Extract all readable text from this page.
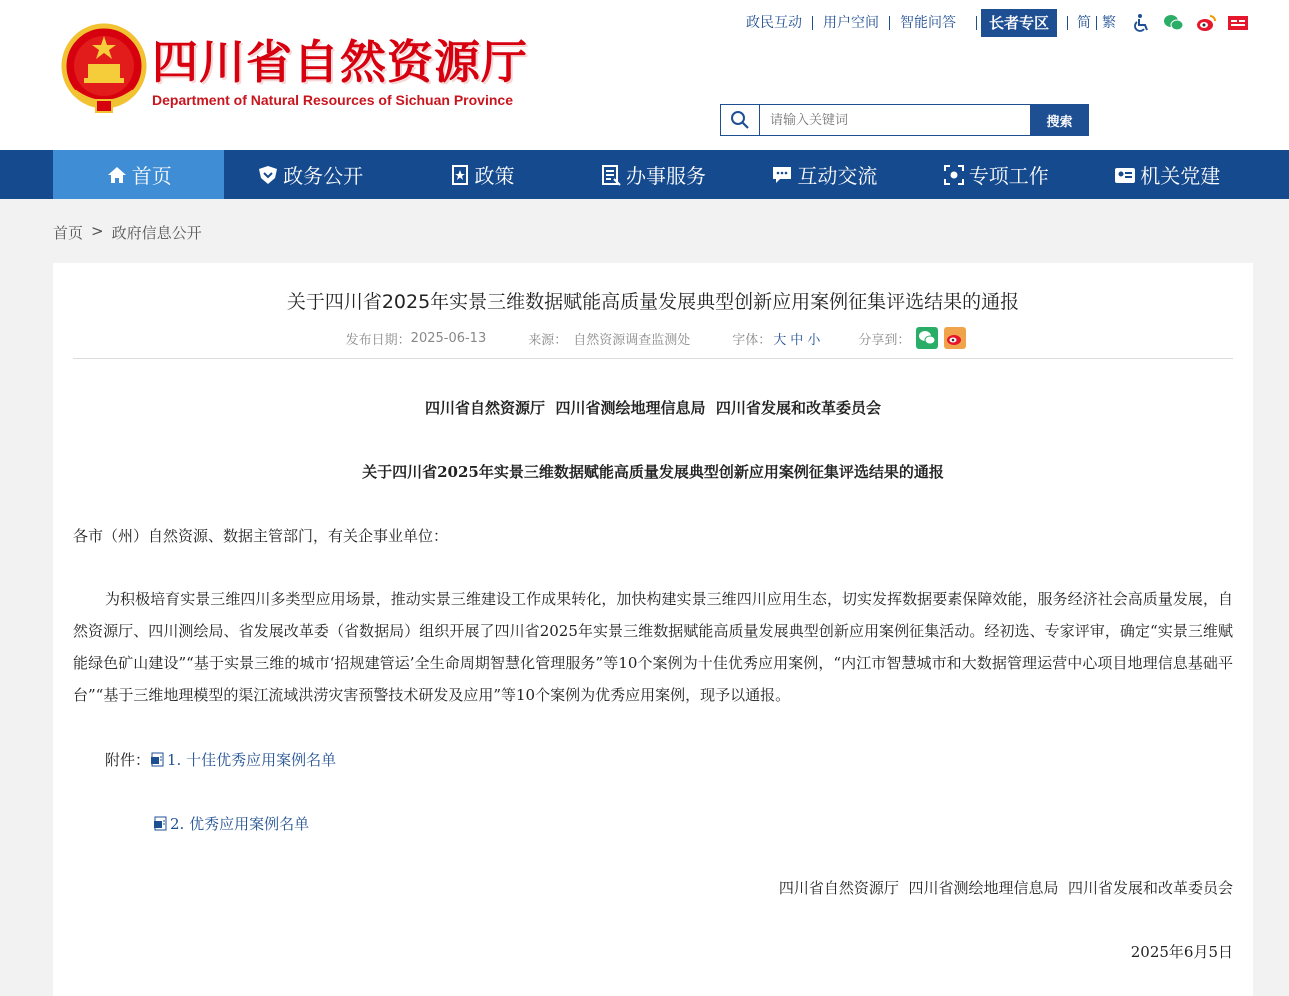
四川省自然资源厅
Department of Natural Resources of Sichuan Province
政民互动	用户空间	智能问答	长者专区	简 繁
请输入关键词
搜索
首页	政务公开	政策	办事服务	互动交流	专项工作	机关党建
首页 > 政府信息公开
关于四川省2025年实景三维数据赋能高质量发展典型创新应用案例征集评选结果的通报
发布日期： 2025-06-13	来源： 自然资源调查监测处	字体： 大 中 小	分享到：
四川省自然资源厅  四川省测绘地理信息局  四川省发展和改革委员会
关于四川省2025年实景三维数据赋能高质量发展典型创新应用案例征集评选结果的通报
各市（州）自然资源、数据主管部门，有关企事业单位：
为积极培育实景三维四川多类型应用场景，推动实景三维建设工作成果转化，加快构建实景三维四川应用生态，切实发挥数据要素保障效能，服务经济社会高质量发展，自然资源厅、四川测绘局、省发展改革委（省数据局）组织开展了四川省2025年实景三维数据赋能高质量发展典型创新应用案例征集活动。经初选、专家评审，确定“实景三维赋能绿色矿山建设”“基于实景三维的城市‘招规建管运’全生命周期智慧化管理服务”等10个案例为十佳优秀应用案例，“内江市智慧城市和大数据管理运营中心项目地理信息基础平台”“基于三维地理模型的渠江流域洪涝灾害预警技术研发及应用”等10个案例为优秀应用案例，现予以通报。
附件： 1. 十佳优秀应用案例名单
2. 优秀应用案例名单
四川省自然资源厅  四川省测绘地理信息局  四川省发展和改革委员会
2025年6月5日
